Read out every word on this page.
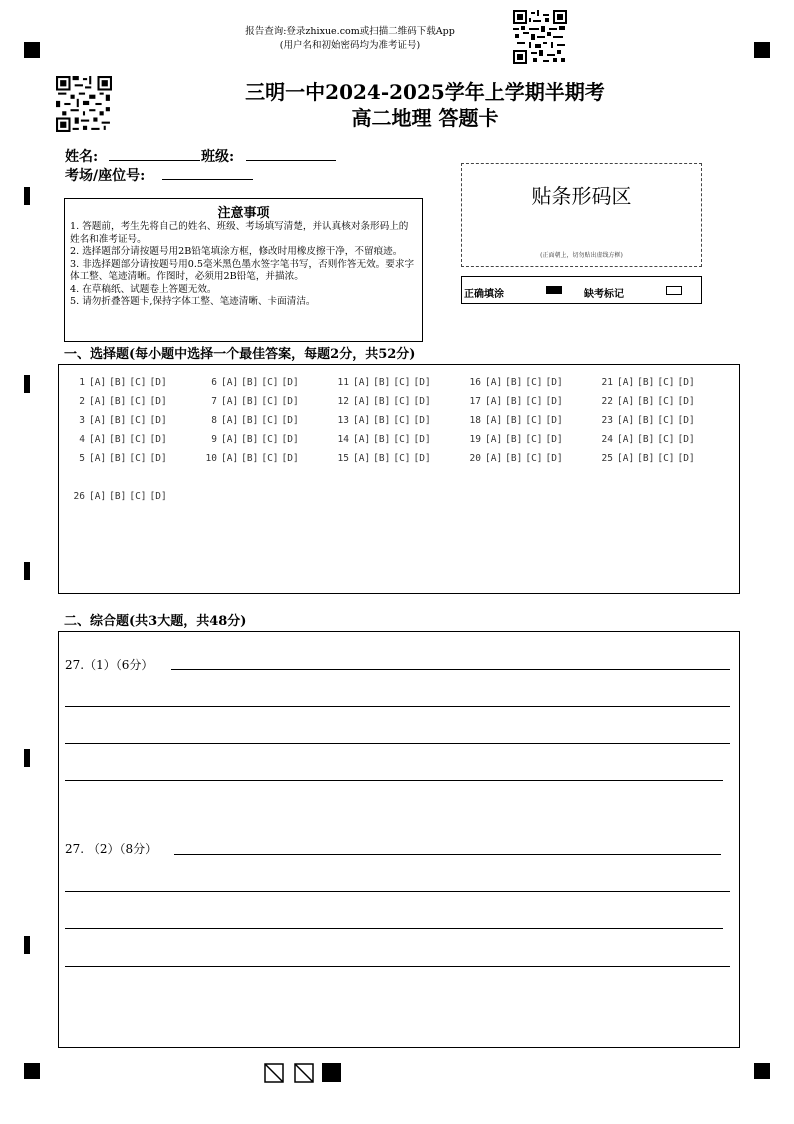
报告查询:登录zhixue.com或扫描二维码下载App
(用户名和初始密码均为准考证号)
三明一中2024-2025学年上学期半期考
高二地理 答题卡
姓名:	班级:
考场/座位号:
注意事项
1. 答题前，考生先将自己的姓名、班级、考场填写清楚，并认真核对条形码上的姓名和准考证号。
2. 选择题部分请按题号用2B铅笔填涂方框，修改时用橡皮擦干净，不留痕迹。
3. 非选择题部分请按题号用0.5毫米黑色墨水签字笔书写，否则作答无效。要求字体工整、笔迹清晰。作图时，必须用2B铅笔，并描浓。
4. 在草稿纸、试题卷上答题无效。
5. 请勿折叠答题卡,保持字体工整、笔迹清晰、卡面清洁。
贴条形码区
(正面朝上，切勿贴出虚线方框)
正确填涂	缺考标记
一、选择题(每小题中选择一个最佳答案，每题2分，共52分)
1 [A] [B] [C] [D]
2 [A] [B] [C] [D]
3 [A] [B] [C] [D]
4 [A] [B] [C] [D]
5 [A] [B] [C] [D]
6 [A] [B] [C] [D]
7 [A] [B] [C] [D]
8 [A] [B] [C] [D]
9 [A] [B] [C] [D]
10 [A] [B] [C] [D]
11 [A] [B] [C] [D]
12 [A] [B] [C] [D]
13 [A] [B] [C] [D]
14 [A] [B] [C] [D]
15 [A] [B] [C] [D]
16 [A] [B] [C] [D]
17 [A] [B] [C] [D]
18 [A] [B] [C] [D]
19 [A] [B] [C] [D]
20 [A] [B] [C] [D]
21 [A] [B] [C] [D]
22 [A] [B] [C] [D]
23 [A] [B] [C] [D]
24 [A] [B] [C] [D]
25 [A] [B] [C] [D]
26 [A] [B] [C] [D]
二、综合题(共3大题，共48分)
27.（1）（6分）
27. （2）（8分）
